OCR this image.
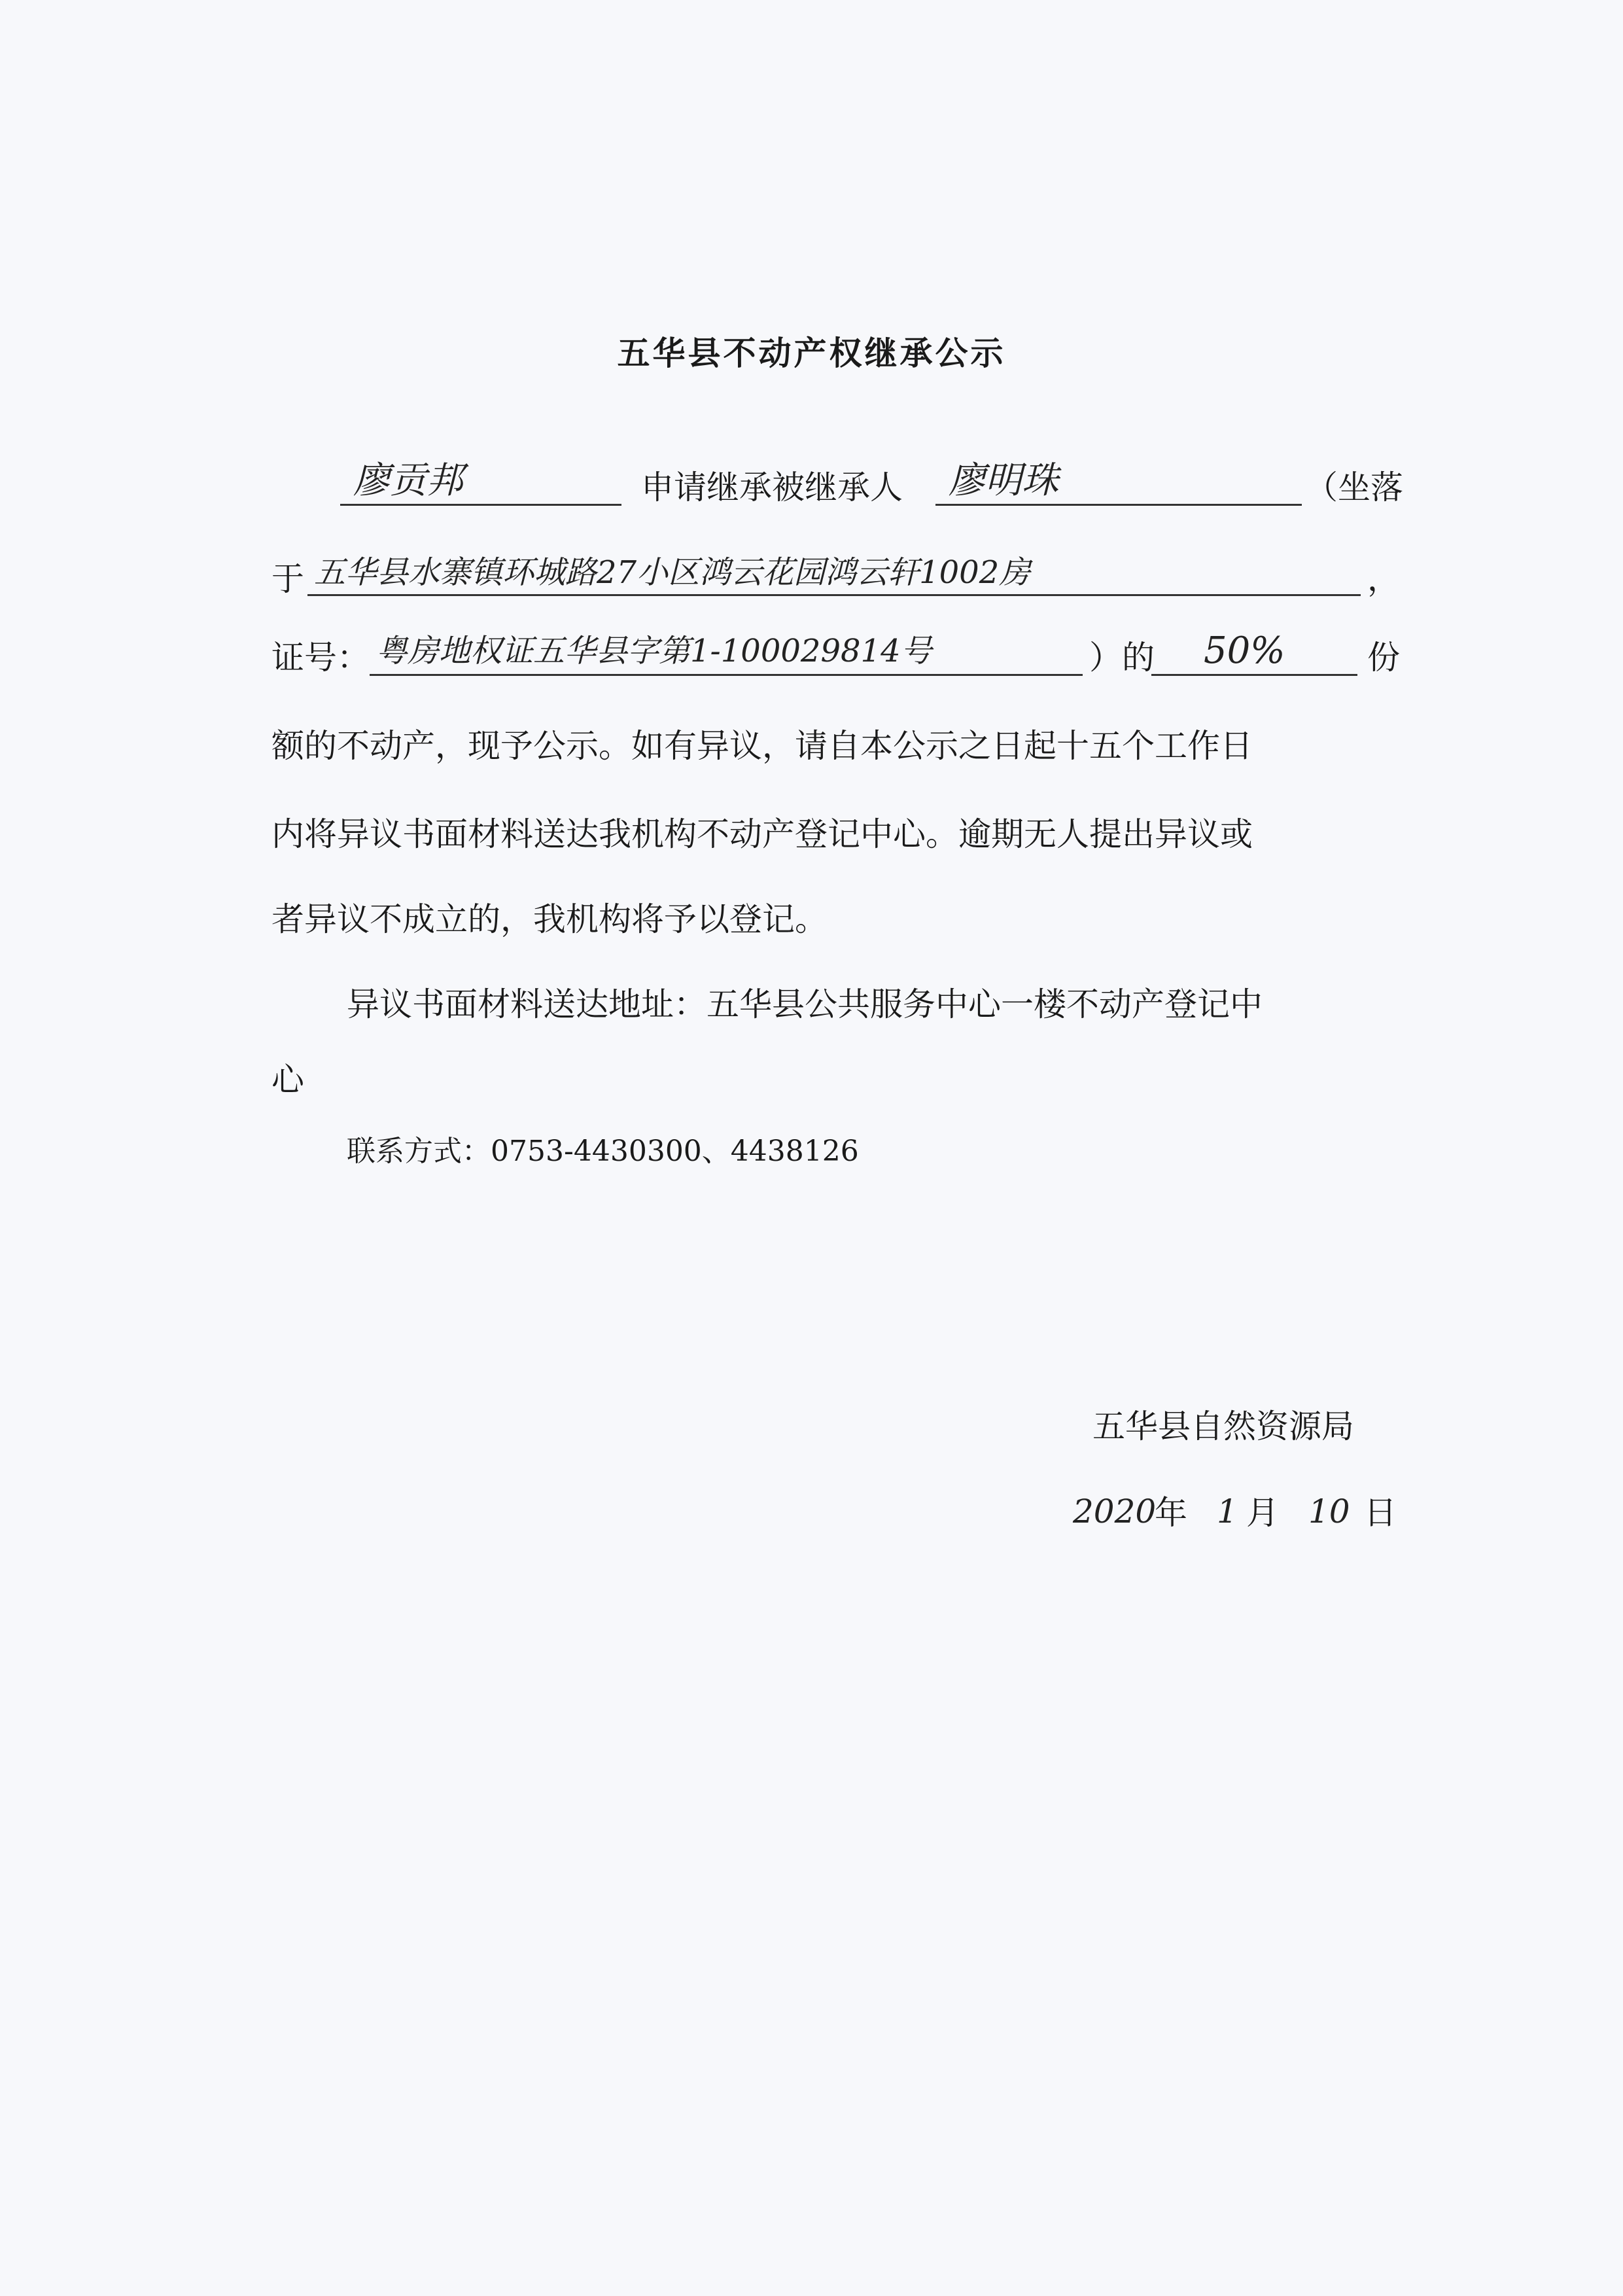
五华县不动产权继承公示
廖贡邦	申请继承被继承人 廖明珠	（坐落
于 五华县水寨镇环城路27小区鸿云花园鸿云轩1002房	，
证号： 粤房地权证五华县字第1-100029814号	）的 50%	份
额的不动产，现予公示。如有异议，请自本公示之日起十五个工作日
内将异议书面材料送达我机构不动产登记中心。逾期无人提出异议或
者异议不成立的，我机构将予以登记。
异议书面材料送达地址：五华县公共服务中心一楼不动产登记中
心
联系方式：0753-4430300、4438126
五华县自然资源局
2020
年 1 月 10 日
